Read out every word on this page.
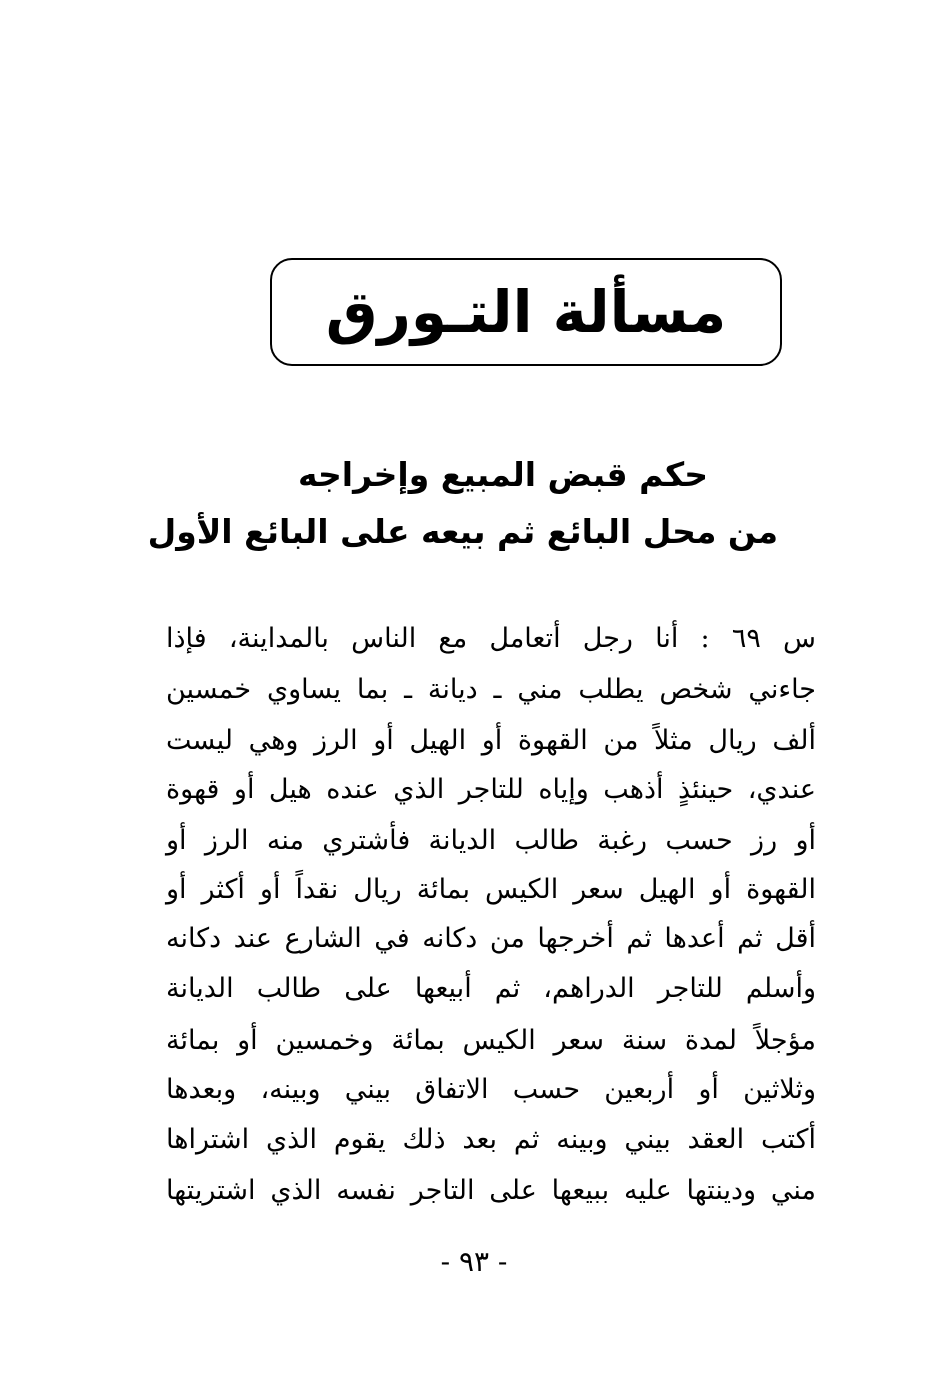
مسألة التـورق
حكم قبض المبيع وإخراجه
من محل البائع ثم بيعه على البائع الأول
س ٦٩ : أنا رجل أتعامل مع الناس بالمداينة، فإذا
جاءني شخص يطلب مني ـ ديانة ـ بما يساوي خمسين
ألف ريال مثلاً من القهوة أو الهيل أو الرز وهي ليست
عندي، حينئذٍ أذهب وإياه للتاجر الذي عنده هيل أو قهوة
أو رز حسب رغبة طالب الديانة فأشتري منه الرز أو
القهوة أو الهيل سعر الكيس بمائة ريال نقداً أو أكثر أو
أقل ثم أعدها ثم أخرجها من دكانه في الشارع عند دكانه
وأسلم للتاجر الدراهم، ثم أبيعها على طالب الديانة
مؤجلاً لمدة سنة سعر الكيس بمائة وخمسين أو بمائة
وثلاثين أو أربعين حسب الاتفاق بيني وبينه، وبعدها
أكتب العقد بيني وبينه ثم بعد ذلك يقوم الذي اشتراها
مني ودينتها عليه ببيعها على التاجر نفسه الذي اشتريتها
- ٩٣ -
